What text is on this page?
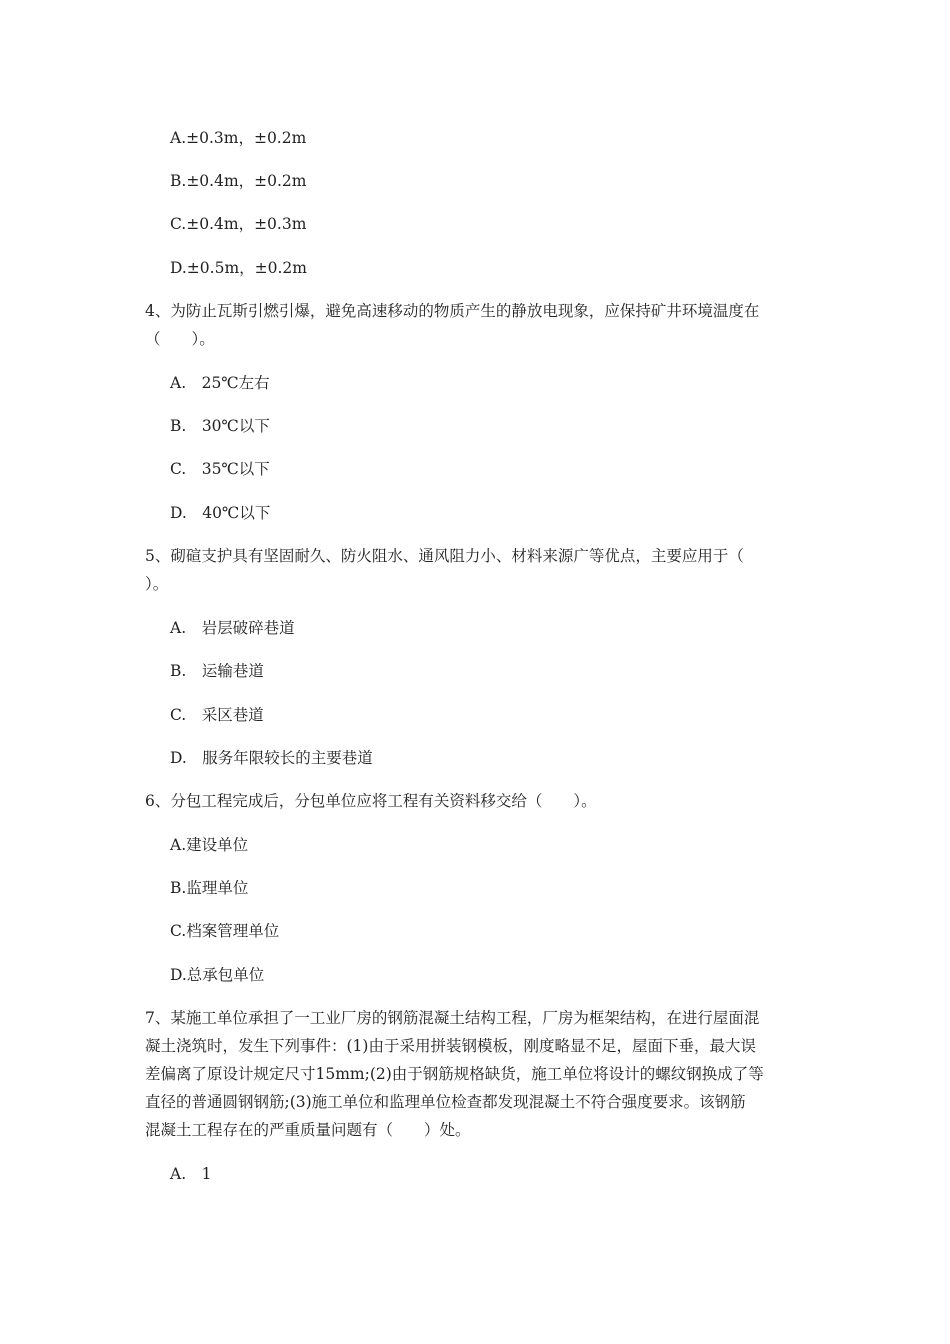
A.±0.3m，±0.2m
B.±0.4m，±0.2m
C.±0.4m，±0.3m
D.±0.5m，±0.2m
4、为防止瓦斯引燃引爆，避免高速移动的物质产生的静放电现象，应保持矿井环境温度在
（　　）。
A.　25℃左右
B.　30℃以下
C.　35℃以下
D.　40℃以下
5、砌碹支护具有坚固耐久、防火阻水、通风阻力小、材料来源广等优点，主要应用于（
）。
A.　岩层破碎巷道
B.　运输巷道
C.　采区巷道
D.　服务年限较长的主要巷道
6、分包工程完成后，分包单位应将工程有关资料移交给（　　）。
A.建设单位
B.监理单位
C.档案管理单位
D.总承包单位
7、某施工单位承担了一工业厂房的钢筋混凝土结构工程，厂房为框架结构，在进行屋面混
凝土浇筑时，发生下列事件：(1)由于采用拼装钢模板，刚度略显不足，屋面下垂，最大误
差偏离了原设计规定尺寸15mm;(2)由于钢筋规格缺货，施工单位将设计的螺纹钢换成了等
直径的普通圆钢钢筋;(3)施工单位和监理单位检查都发现混凝土不符合强度要求。该钢筋
混凝土工程存在的严重质量问题有（　　）处。
A.　1
